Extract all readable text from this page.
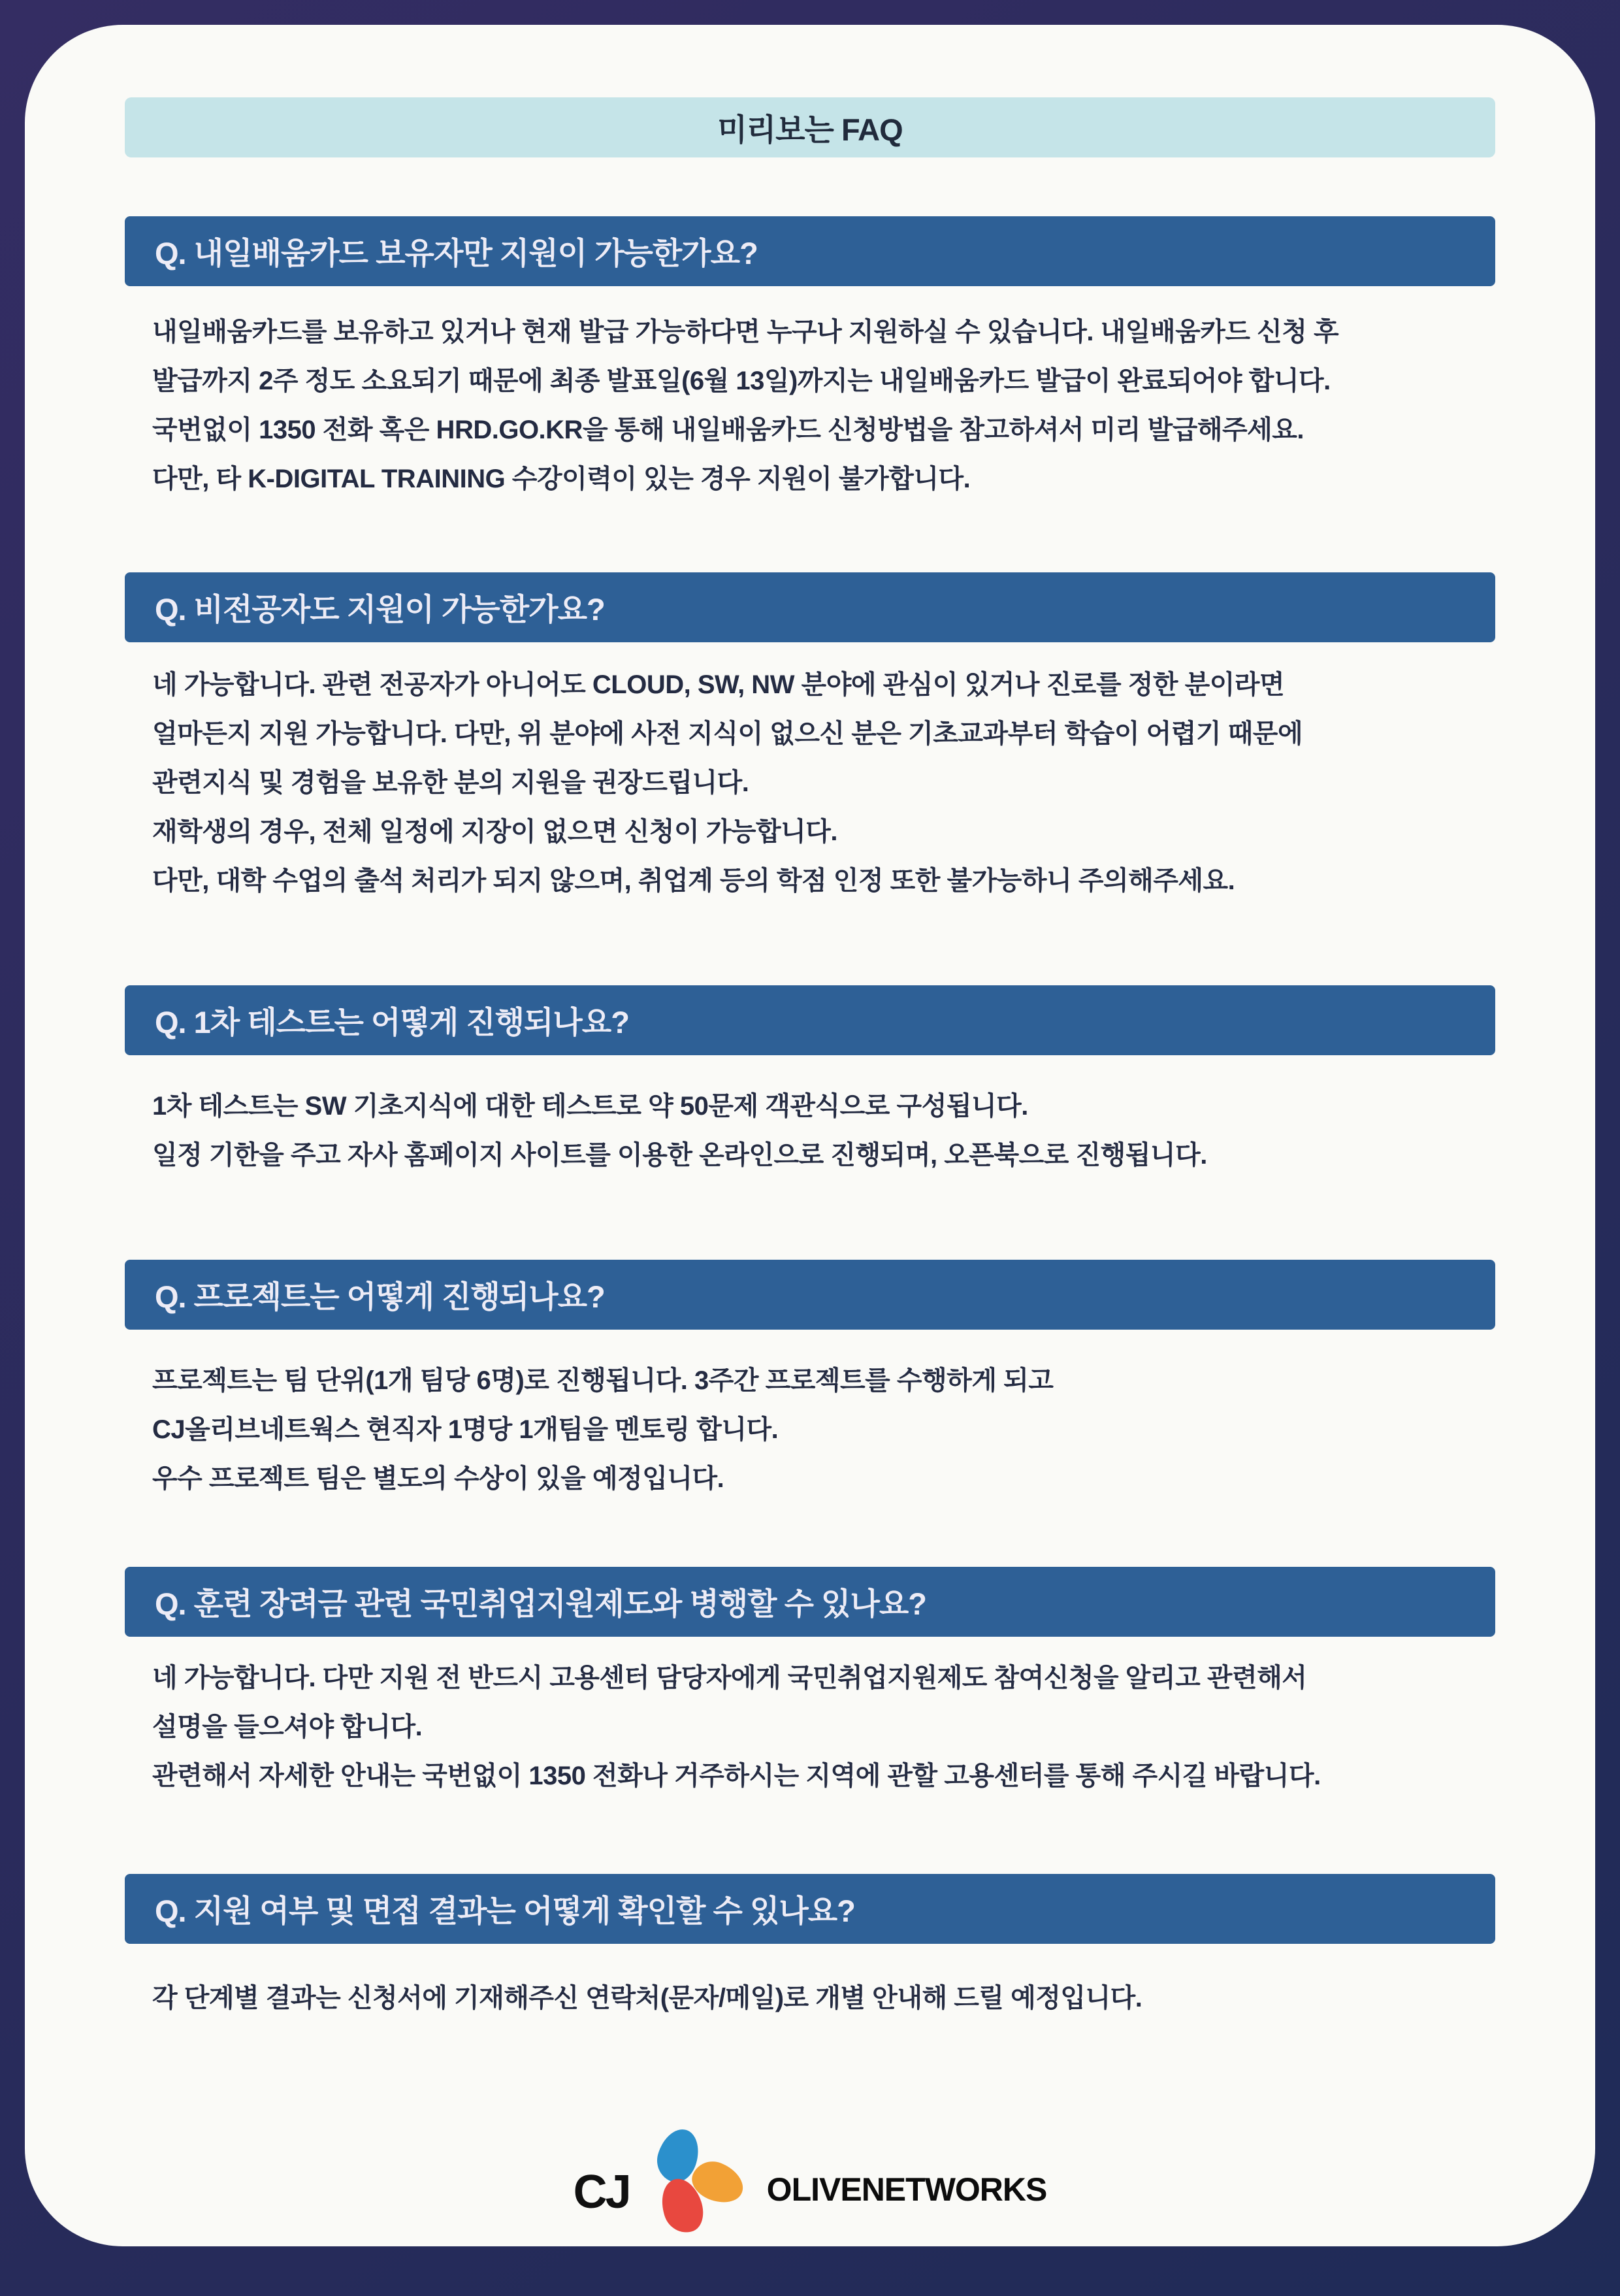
미리보는 FAQ
Q. 내일배움카드 보유자만 지원이 가능한가요?
내일배움카드를 보유하고 있거나 현재 발급 가능하다면 누구나 지원하실 수 있습니다. 내일배움카드 신청 후
발급까지 2주 정도 소요되기 때문에 최종 발표일(6월 13일)까지는 내일배움카드 발급이 완료되어야 합니다.
국번없이 1350 전화 혹은 HRD.GO.KR을 통해 내일배움카드 신청방법을 참고하셔서 미리 발급해주세요.
다만, 타 K-DIGITAL TRAINING 수강이력이 있는 경우 지원이 불가합니다.
Q. 비전공자도 지원이 가능한가요?
네 가능합니다. 관련 전공자가 아니어도 CLOUD, SW, NW 분야에 관심이 있거나 진로를 정한 분이라면
얼마든지 지원 가능합니다. 다만, 위 분야에 사전 지식이 없으신 분은 기초교과부터 학습이 어렵기 때문에
관련지식 및 경험을 보유한 분의 지원을 권장드립니다.
재학생의 경우, 전체 일정에 지장이 없으면 신청이 가능합니다.
다만, 대학 수업의 출석 처리가 되지 않으며, 취업계 등의 학점 인정 또한 불가능하니 주의해주세요.
Q. 1차 테스트는 어떻게 진행되나요?
1차 테스트는 SW 기초지식에 대한 테스트로 약 50문제 객관식으로 구성됩니다.
일정 기한을 주고 자사 홈페이지 사이트를 이용한 온라인으로 진행되며, 오픈북으로 진행됩니다.
Q. 프로젝트는 어떻게 진행되나요?
프로젝트는 팀 단위(1개 팀당 6명)로 진행됩니다. 3주간 프로젝트를 수행하게 되고
CJ올리브네트웍스 현직자 1명당 1개팀을 멘토링 합니다.
우수 프로젝트 팀은 별도의 수상이 있을 예정입니다.
Q. 훈련 장려금 관련 국민취업지원제도와 병행할 수 있나요?
네 가능합니다. 다만 지원 전 반드시 고용센터 담당자에게 국민취업지원제도 참여신청을 알리고 관련해서
설명을 들으셔야 합니다.
관련해서 자세한 안내는 국번없이 1350 전화나 거주하시는 지역에 관할 고용센터를 통해 주시길 바랍니다.
Q. 지원 여부 및 면접 결과는 어떻게 확인할 수 있나요?
각 단계별 결과는 신청서에 기재해주신 연락처(문자/메일)로 개별 안내해 드릴 예정입니다.
CJ	OLIVENETWORKS
